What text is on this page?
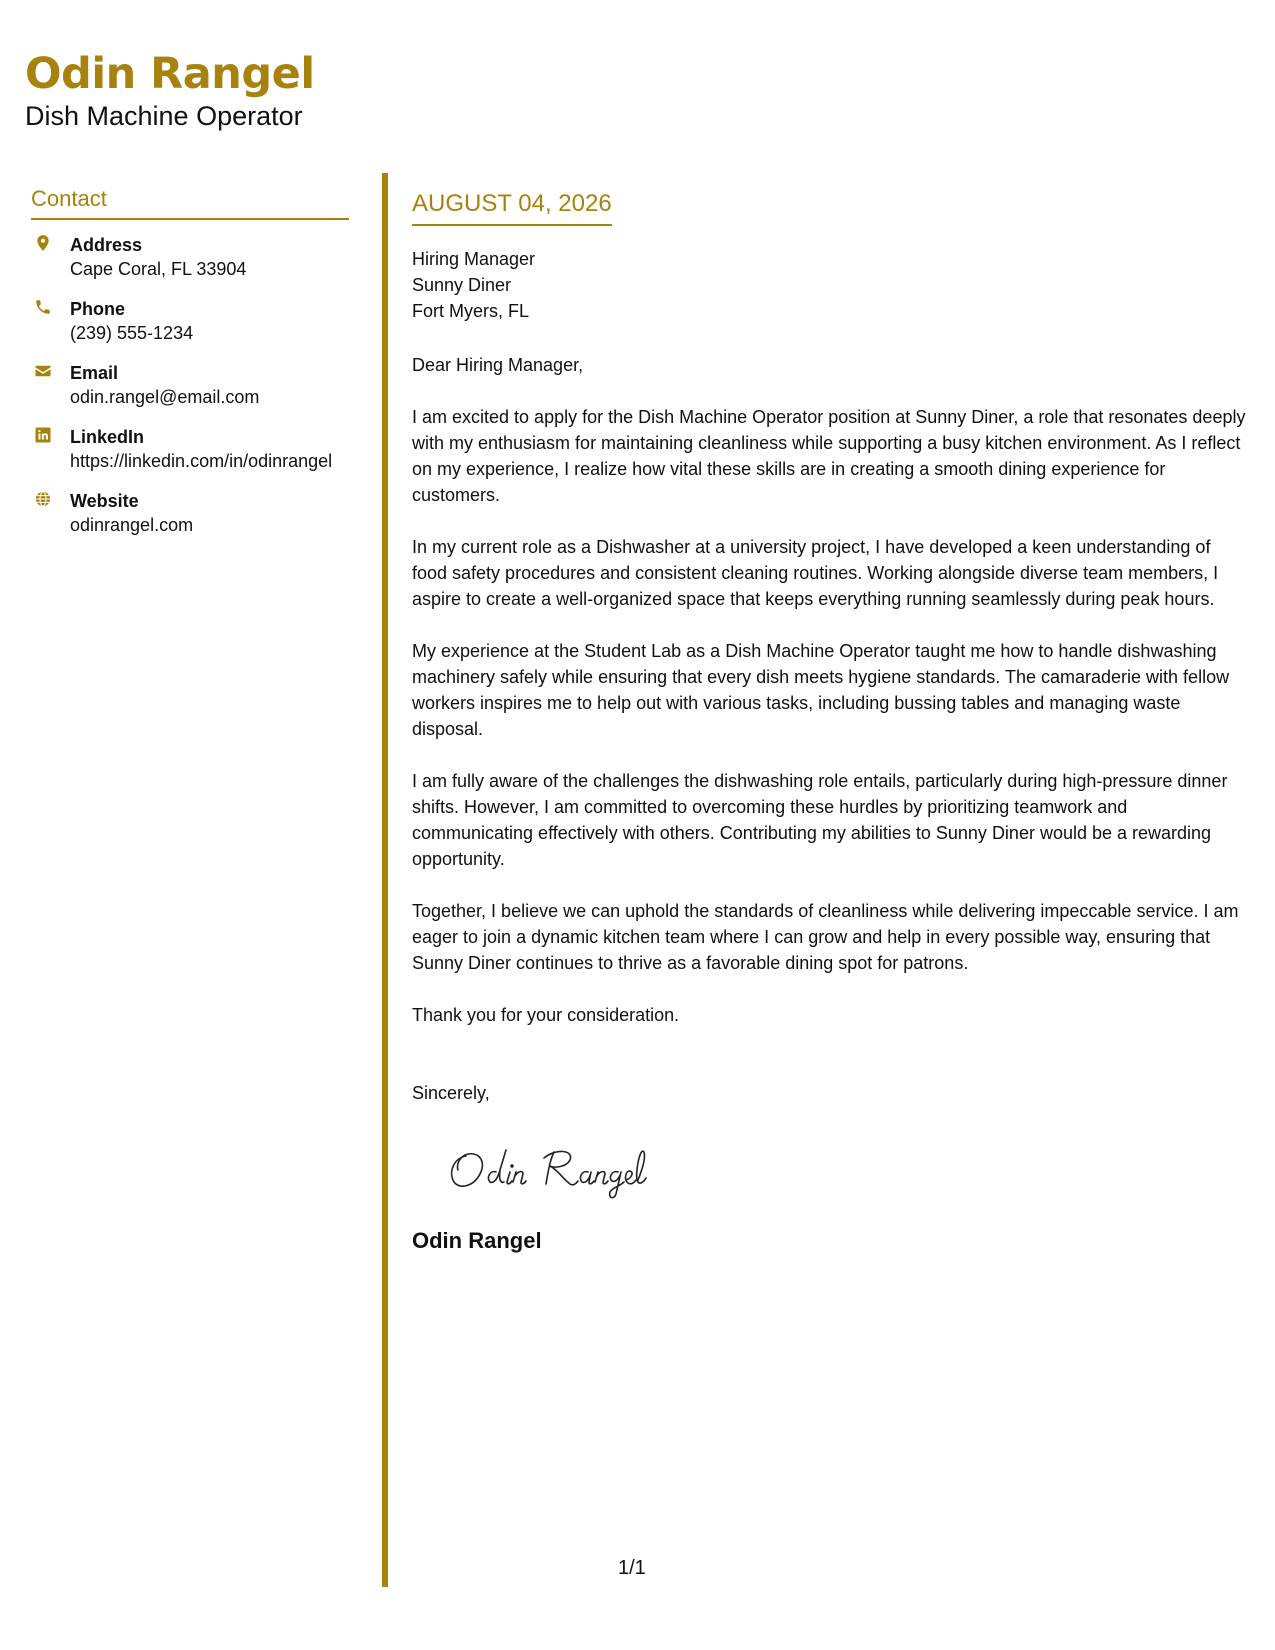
Odin Rangel
Dish Machine Operator
Contact
Address
Cape Coral, FL 33904
Phone
(239) 555-1234
Email
odin.rangel@email.com
LinkedIn
https://linkedin.com/in/odinrangel
Website
odinrangel.com
AUGUST 04, 2026
Hiring Manager
Sunny Diner
Fort Myers, FL
Dear Hiring Manager,
I am excited to apply for the Dish Machine Operator position at Sunny Diner, a role that resonates deeply with my enthusiasm for maintaining cleanliness while supporting a busy kitchen environment. As I reflect on my experience, I realize how vital these skills are in creating a smooth dining experience for customers.
In my current role as a Dishwasher at a university project, I have developed a keen understanding of food safety procedures and consistent cleaning routines. Working alongside diverse team members, I aspire to create a well-organized space that keeps everything running seamlessly during peak hours.
My experience at the Student Lab as a Dish Machine Operator taught me how to handle dishwashing machinery safely while ensuring that every dish meets hygiene standards. The camaraderie with fellow workers inspires me to help out with various tasks, including bussing tables and managing waste disposal.
I am fully aware of the challenges the dishwashing role entails, particularly during high-pressure dinner shifts. However, I am committed to overcoming these hurdles by prioritizing teamwork and communicating effectively with others. Contributing my abilities to Sunny Diner would be a rewarding opportunity.
Together, I believe we can uphold the standards of cleanliness while delivering impeccable service. I am eager to join a dynamic kitchen team where I can grow and help in every possible way, ensuring that Sunny Diner continues to thrive as a favorable dining spot for patrons.
Thank you for your consideration.
Sincerely,
Odin Rangel
1/1
